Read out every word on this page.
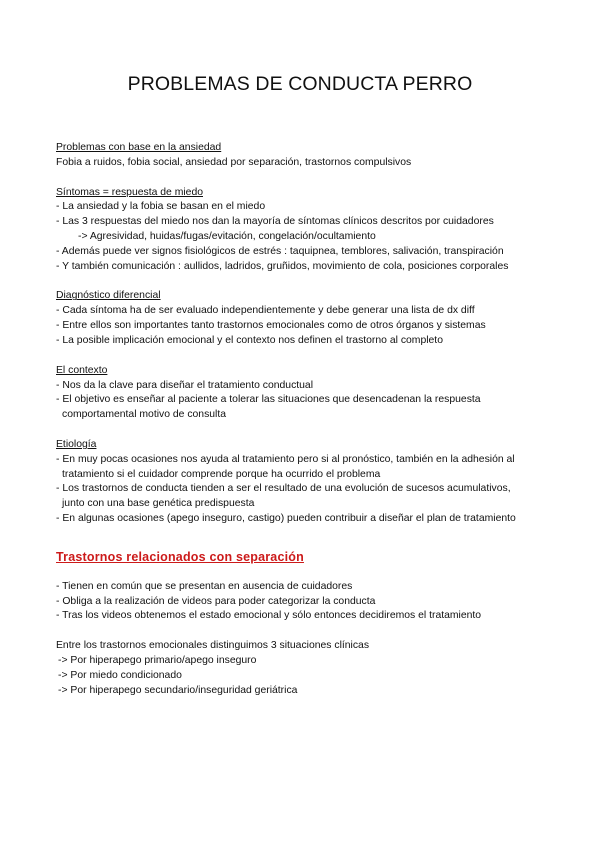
PROBLEMAS DE CONDUCTA PERRO
Problemas con base en la ansiedad
Fobia a ruidos, fobia social, ansiedad por separación, trastornos compulsivos
Síntomas = respuesta de miedo
- La ansiedad y la fobia se basan en el miedo
- Las 3 respuestas del miedo nos dan la mayoría de síntomas clínicos descritos por cuidadores
-> Agresividad, huidas/fugas/evitación, congelación/ocultamiento
- Además puede ver signos fisiológicos de estrés : taquipnea, temblores, salivación, transpiración
- Y también comunicación : aullidos, ladridos, gruñidos, movimiento de cola, posiciones corporales
Diagnóstico diferencial
- Cada síntoma ha de ser evaluado independientemente y debe generar una lista de dx diff
- Entre ellos son importantes tanto trastornos emocionales como de otros órganos y sistemas
- La posible implicación emocional y el contexto nos definen el trastorno al completo
El contexto
- Nos da la clave para diseñar el tratamiento conductual
- El objetivo es enseñar al paciente a tolerar las situaciones que desencadenan la respuesta
comportamental motivo de consulta
Etiología
- En muy pocas ocasiones nos ayuda al tratamiento pero si al pronóstico, también en la adhesión al
tratamiento si el cuidador comprende porque ha ocurrido el problema
- Los trastornos de conducta tienden a ser el resultado de una evolución de sucesos acumulativos,
junto con una base genética predispuesta
- En algunas ocasiones (apego inseguro, castigo) pueden contribuir a diseñar el plan de tratamiento
Trastornos relacionados con separación
- Tienen en común que se presentan en ausencia de cuidadores
- Obliga a la realización de videos para poder categorizar la conducta
- Tras los videos obtenemos el estado emocional y sólo entonces decidiremos el tratamiento
Entre los trastornos emocionales distinguimos 3 situaciones clínicas
-> Por hiperapego primario/apego inseguro
-> Por miedo condicionado
-> Por hiperapego secundario/inseguridad geriátrica
